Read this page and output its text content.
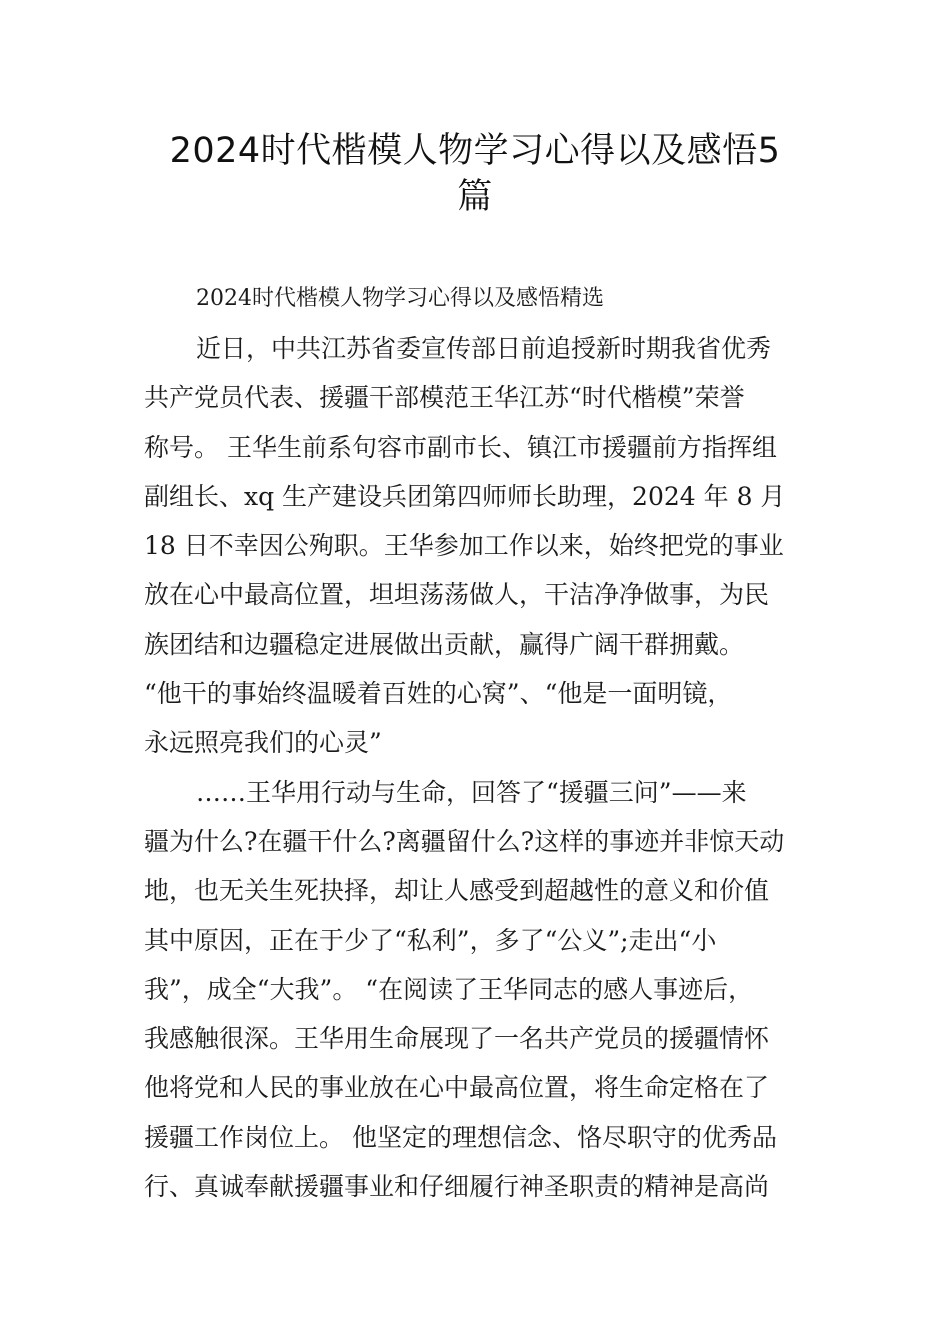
2024时代楷模人物学习心得以及感悟5
篇
2024时代楷模人物学习心得以及感悟精选
近日，中共江苏省委宣传部日前追授新时期我省优秀
共产党员代表、援疆干部模范王华江苏“时代楷模”荣誉
称号。 王华生前系句容市副市长、镇江市援疆前方指挥组
副组长、xq 生产建设兵团第四师师长助理，2024 年 8 月
18 日不幸因公殉职。王华参加工作以来，始终把党的事业
放在心中最高位置，坦坦荡荡做人，干洁净净做事，为民
族团结和边疆稳定进展做出贡献，赢得广阔干群拥戴。
“他干的事始终温暖着百姓的心窝”、“他是一面明镜，
永远照亮我们的心灵”
……王华用行动与生命，回答了“援疆三问”——来
疆为什么?在疆干什么?离疆留什么?这样的事迹并非惊天动
地，也无关生死抉择，却让人感受到超越性的意义和价值
其中原因，正在于少了“私利”，多了“公义”;走出“小
我”，成全“大我”。 “在阅读了王华同志的感人事迹后，
我感触很深。王华用生命展现了一名共产党员的援疆情怀
他将党和人民的事业放在心中最高位置，将生命定格在了
援疆工作岗位上。 他坚定的理想信念、恪尽职守的优秀品
行、真诚奉献援疆事业和仔细履行神圣职责的精神是高尚
